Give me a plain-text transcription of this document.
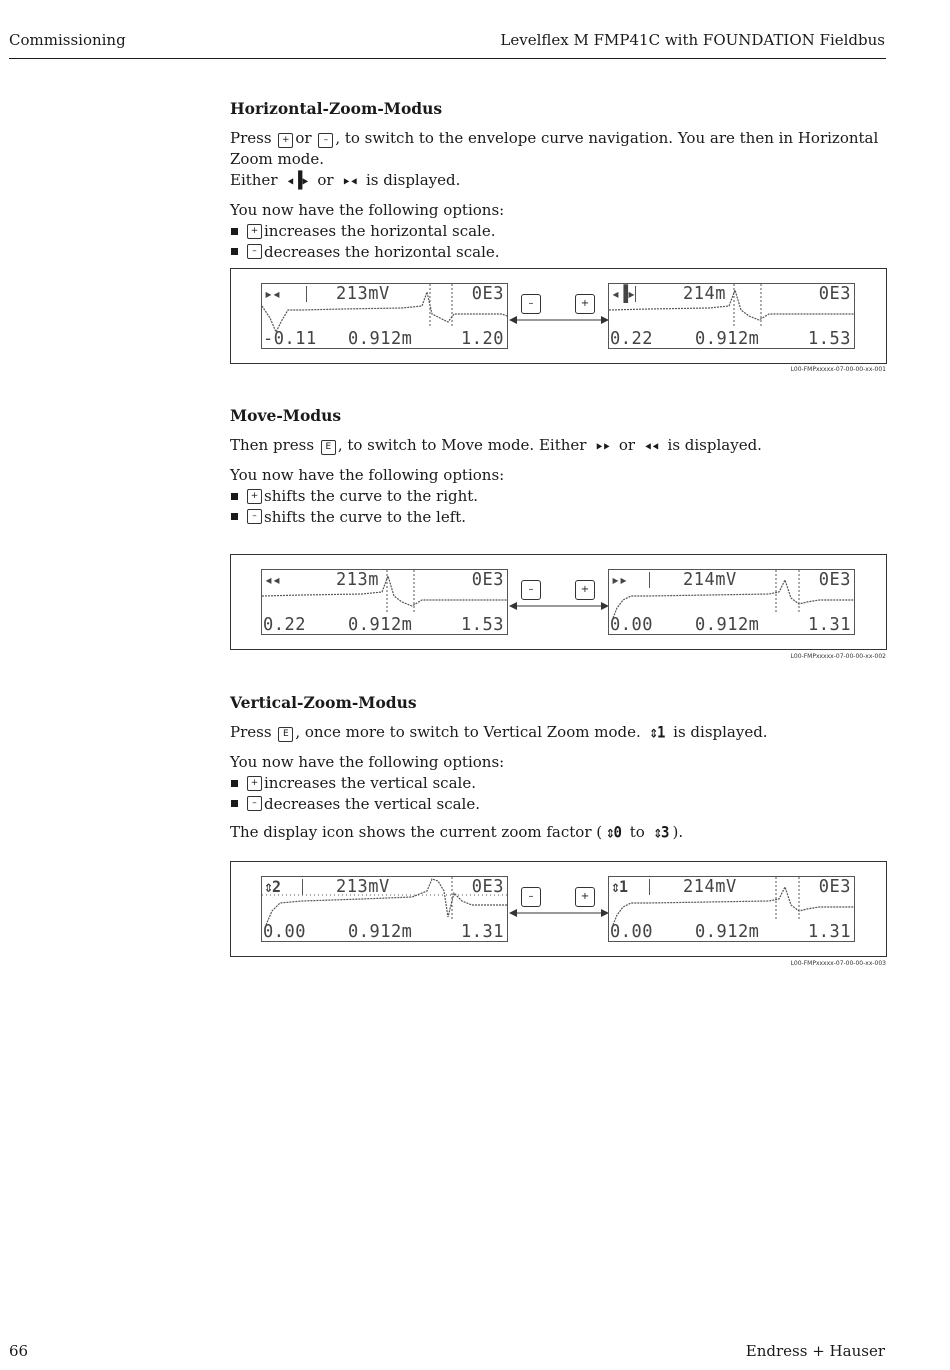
Commissioning	Levelflex M FMP41C with FOUNDATION Fieldbus
Horizontal-Zoom-Modus

Press + or – , to switch to the envelope curve navigation. You are then in Horizontal Zoom mode.
Either ◂▐▸ or ▸◂ is displayed.

You now have the following options:

+ increases the horizontal scale.
– decreases the horizontal scale.
▸◂	213mV	0E3
-0.11 0.912m	1.20
–	+
◂▐▸	214m	0E3
0.22 0.912m	1.53
L00-FMPxxxxx-07-00-00-xx-001
Move-Modus

Then press E , to switch to Move mode. Either ▸▸ or ◂◂ is displayed.

You now have the following options:

+ shifts the curve to the right.
– shifts the curve to the left.
◂◂	213m	0E3
0.22 0.912m	1.53
–	+
▸▸	214mV	0E3
0.00 0.912m	1.31
L00-FMPxxxxx-07-00-00-xx-002
Vertical-Zoom-Modus

Press E , once more to switch to Vertical Zoom mode. ⇕1 is displayed.

You now have the following options:

+ increases the vertical scale.
– decreases the vertical scale.

The display icon shows the current zoom factor ( ⇕0 to ⇕3 ).

⇕2	213mV	0E3
0.00 0.912m	1.31
–	+
⇕1	214mV	0E3
0.00 0.912m	1.31
L00-FMPxxxxx-07-00-00-xx-003
66	Endress + Hauser
